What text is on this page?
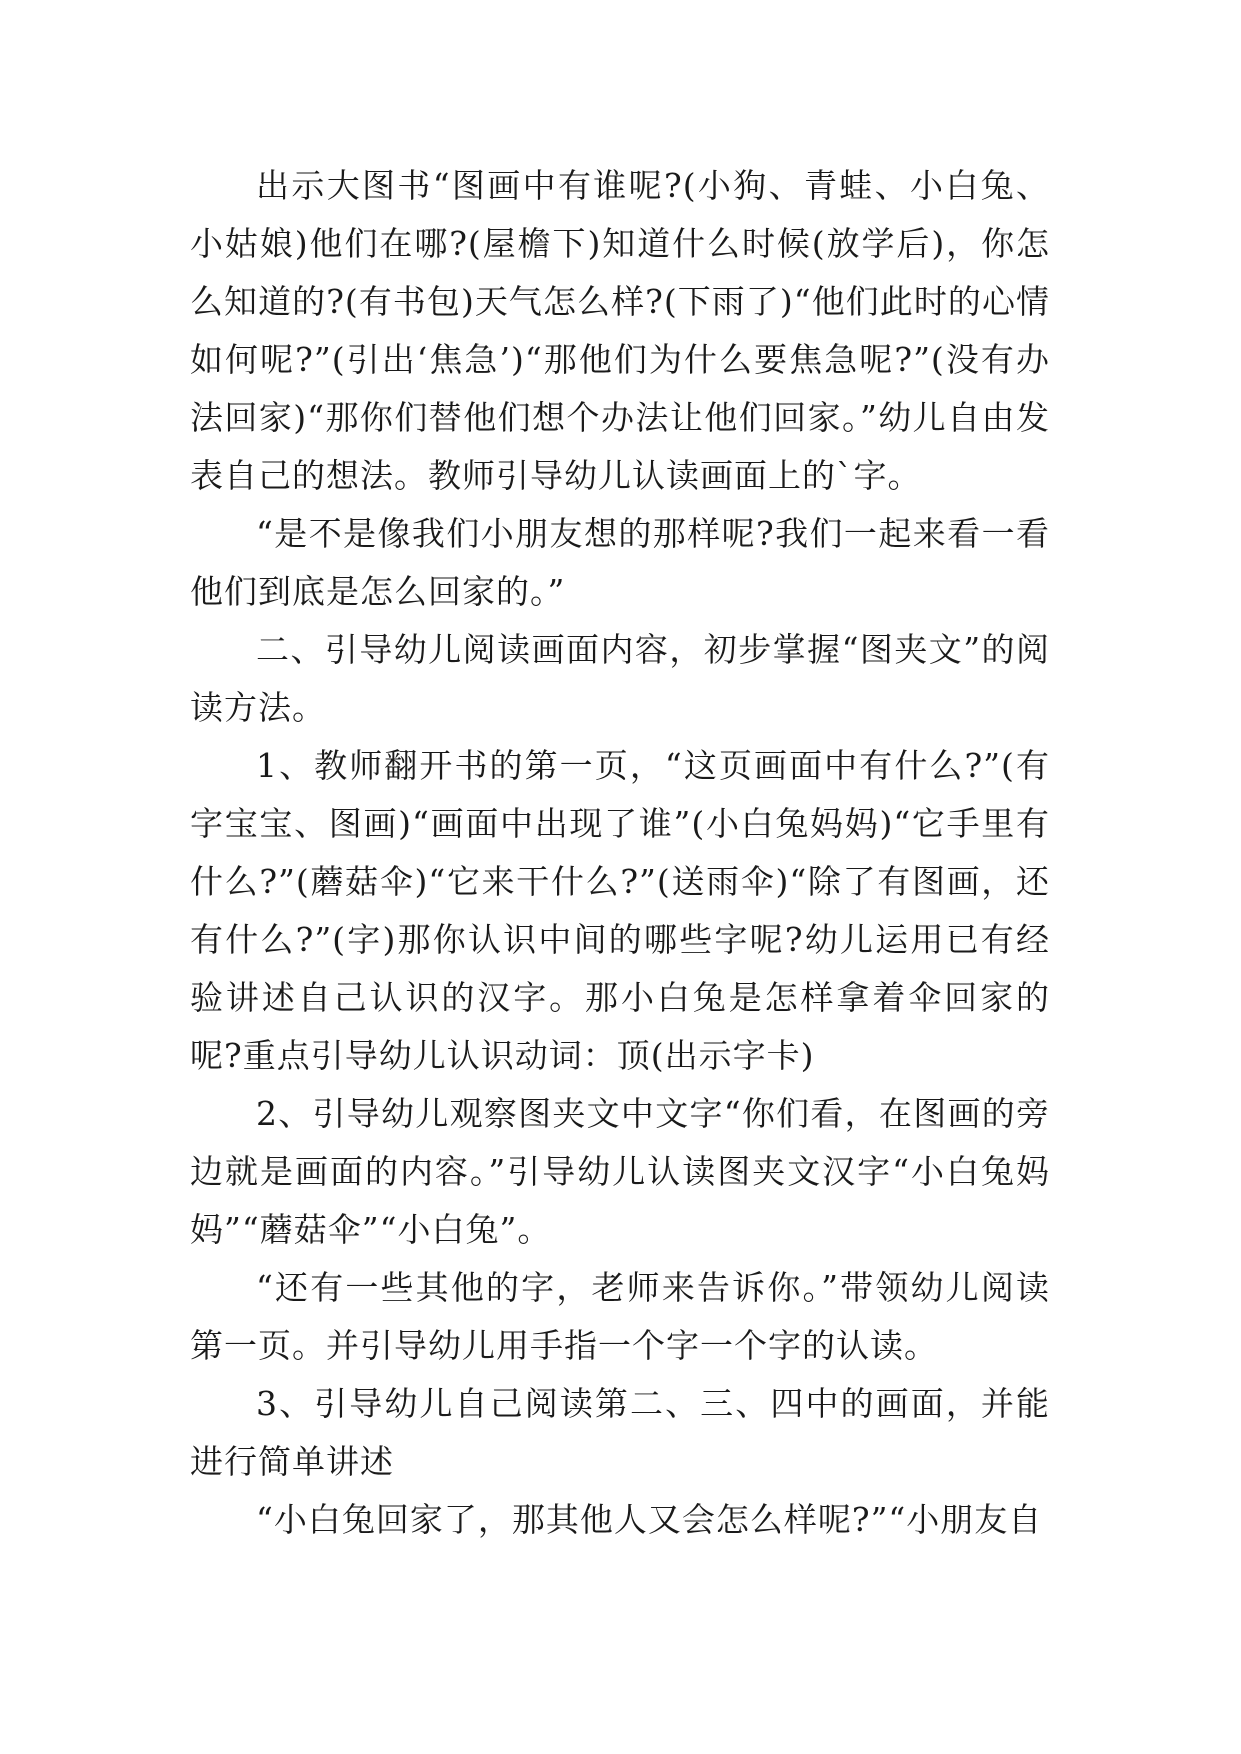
出示大图书“图画中有谁呢?(小狗、青蛙、小白兔、小姑娘)他们在哪?(屋檐下)知道什么时候(放学后)，你怎么知道的?(有书包)天气怎么样?(下雨了)“他们此时的心情如何呢?”(引出‘焦急’)“那他们为什么要焦急呢?”(没有办法回家)“那你们替他们想个办法让他们回家。”幼儿自由发表自己的想法。教师引导幼儿认读画面上的`字。

“是不是像我们小朋友想的那样呢?我们一起来看一看他们到底是怎么回家的。”

二、引导幼儿阅读画面内容，初步掌握“图夹文”的阅读方法。

1、教师翻开书的第一页，“这页画面中有什么?”(有字宝宝、图画)“画面中出现了谁”(小白兔妈妈)“它手里有什么?”(蘑菇伞)“它来干什么?”(送雨伞)“除了有图画，还有什么?”(字)那你认识中间的哪些字呢?幼儿运用已有经验讲述自己认识的汉字。那小白兔是怎样拿着伞回家的呢?重点引导幼儿认识动词：顶(出示字卡)

2、引导幼儿观察图夹文中文字“你们看，在图画的旁边就是画面的内容。”引导幼儿认读图夹文汉字“小白兔妈妈”“蘑菇伞”“小白兔”。

“还有一些其他的字，老师来告诉你。”带领幼儿阅读第一页。并引导幼儿用手指一个字一个字的认读。

3、引导幼儿自己阅读第二、三、四中的画面，并能进行简单讲述

“小白兔回家了，那其他人又会怎么样呢?”“小朋友自
